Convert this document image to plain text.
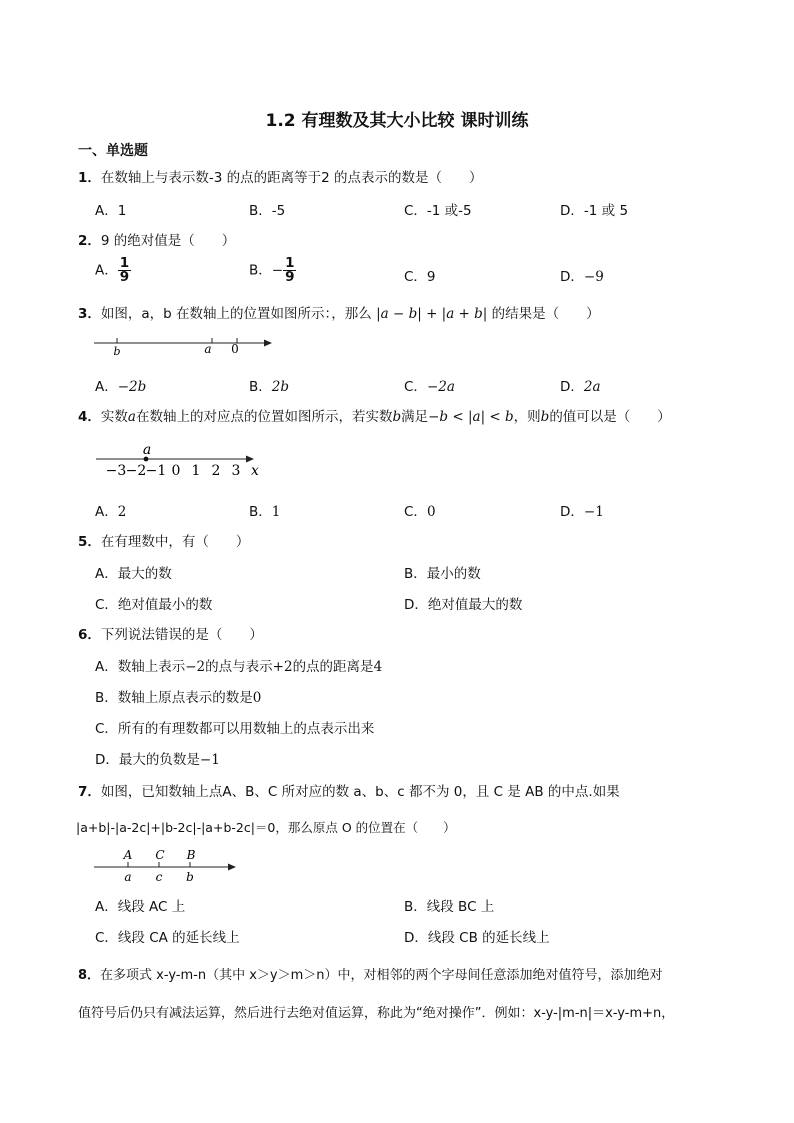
1.2 有理数及其大小比较 课时训练
一、单选题
1．在数轴上与表示数-3 的点的距离等于2 的点表示的数是（　　）
A．1	B．-5	C．-1 或-5	D．-1 或 5
2．9 的绝对值是（　　）
A． $\frac{1}{9}$	B．− $\frac{1}{9}$	C．9	D．−9
3．如图，a，b 在数轴上的位置如图所示：，那么 |a − b| + |a + b| 的结果是（　　）
b	a 0
A．−2b	B．2b	C．−2a	D．2a
4．实数a在数轴上的对应点的位置如图所示，若实数b满足−b < |a| < b，则b的值可以是（　　）
a
−3 −2 −1 0 1 2 3 x
A．2	B．1	C．0	D．−1
5．在有理数中，有（　　）
A．最大的数	B．最小的数
C．绝对值最小的数	D．绝对值最大的数
6．下列说法错误的是（　　）
A．数轴上表示−2的点与表示+2的点的距离是4
B．数轴上原点表示的数是0
C．所有的有理数都可以用数轴上的点表示出来
D．最大的负数是−1
7．如图，已知数轴上点A、B、C 所对应的数 a、b、c 都不为 0，且 C 是 AB 的中点.如果
|a+b|-|a-2c|+|b-2c|-|a+b-2c|＝0，那么原点 O 的位置在（　　）
A C B
a c b
A．线段 AC 上	B．线段 BC 上
C．线段 CA 的延长线上	D．线段 CB 的延长线上
8．在多项式 x-y-m-n（其中 x＞y＞m＞n）中，对相邻的两个字母间任意添加绝对值符号，添加绝对
值符号后仍只有减法运算，然后进行去绝对值运算，称此为“绝对操作”．例如：x-y-|m-n|＝x-y-m+n，
